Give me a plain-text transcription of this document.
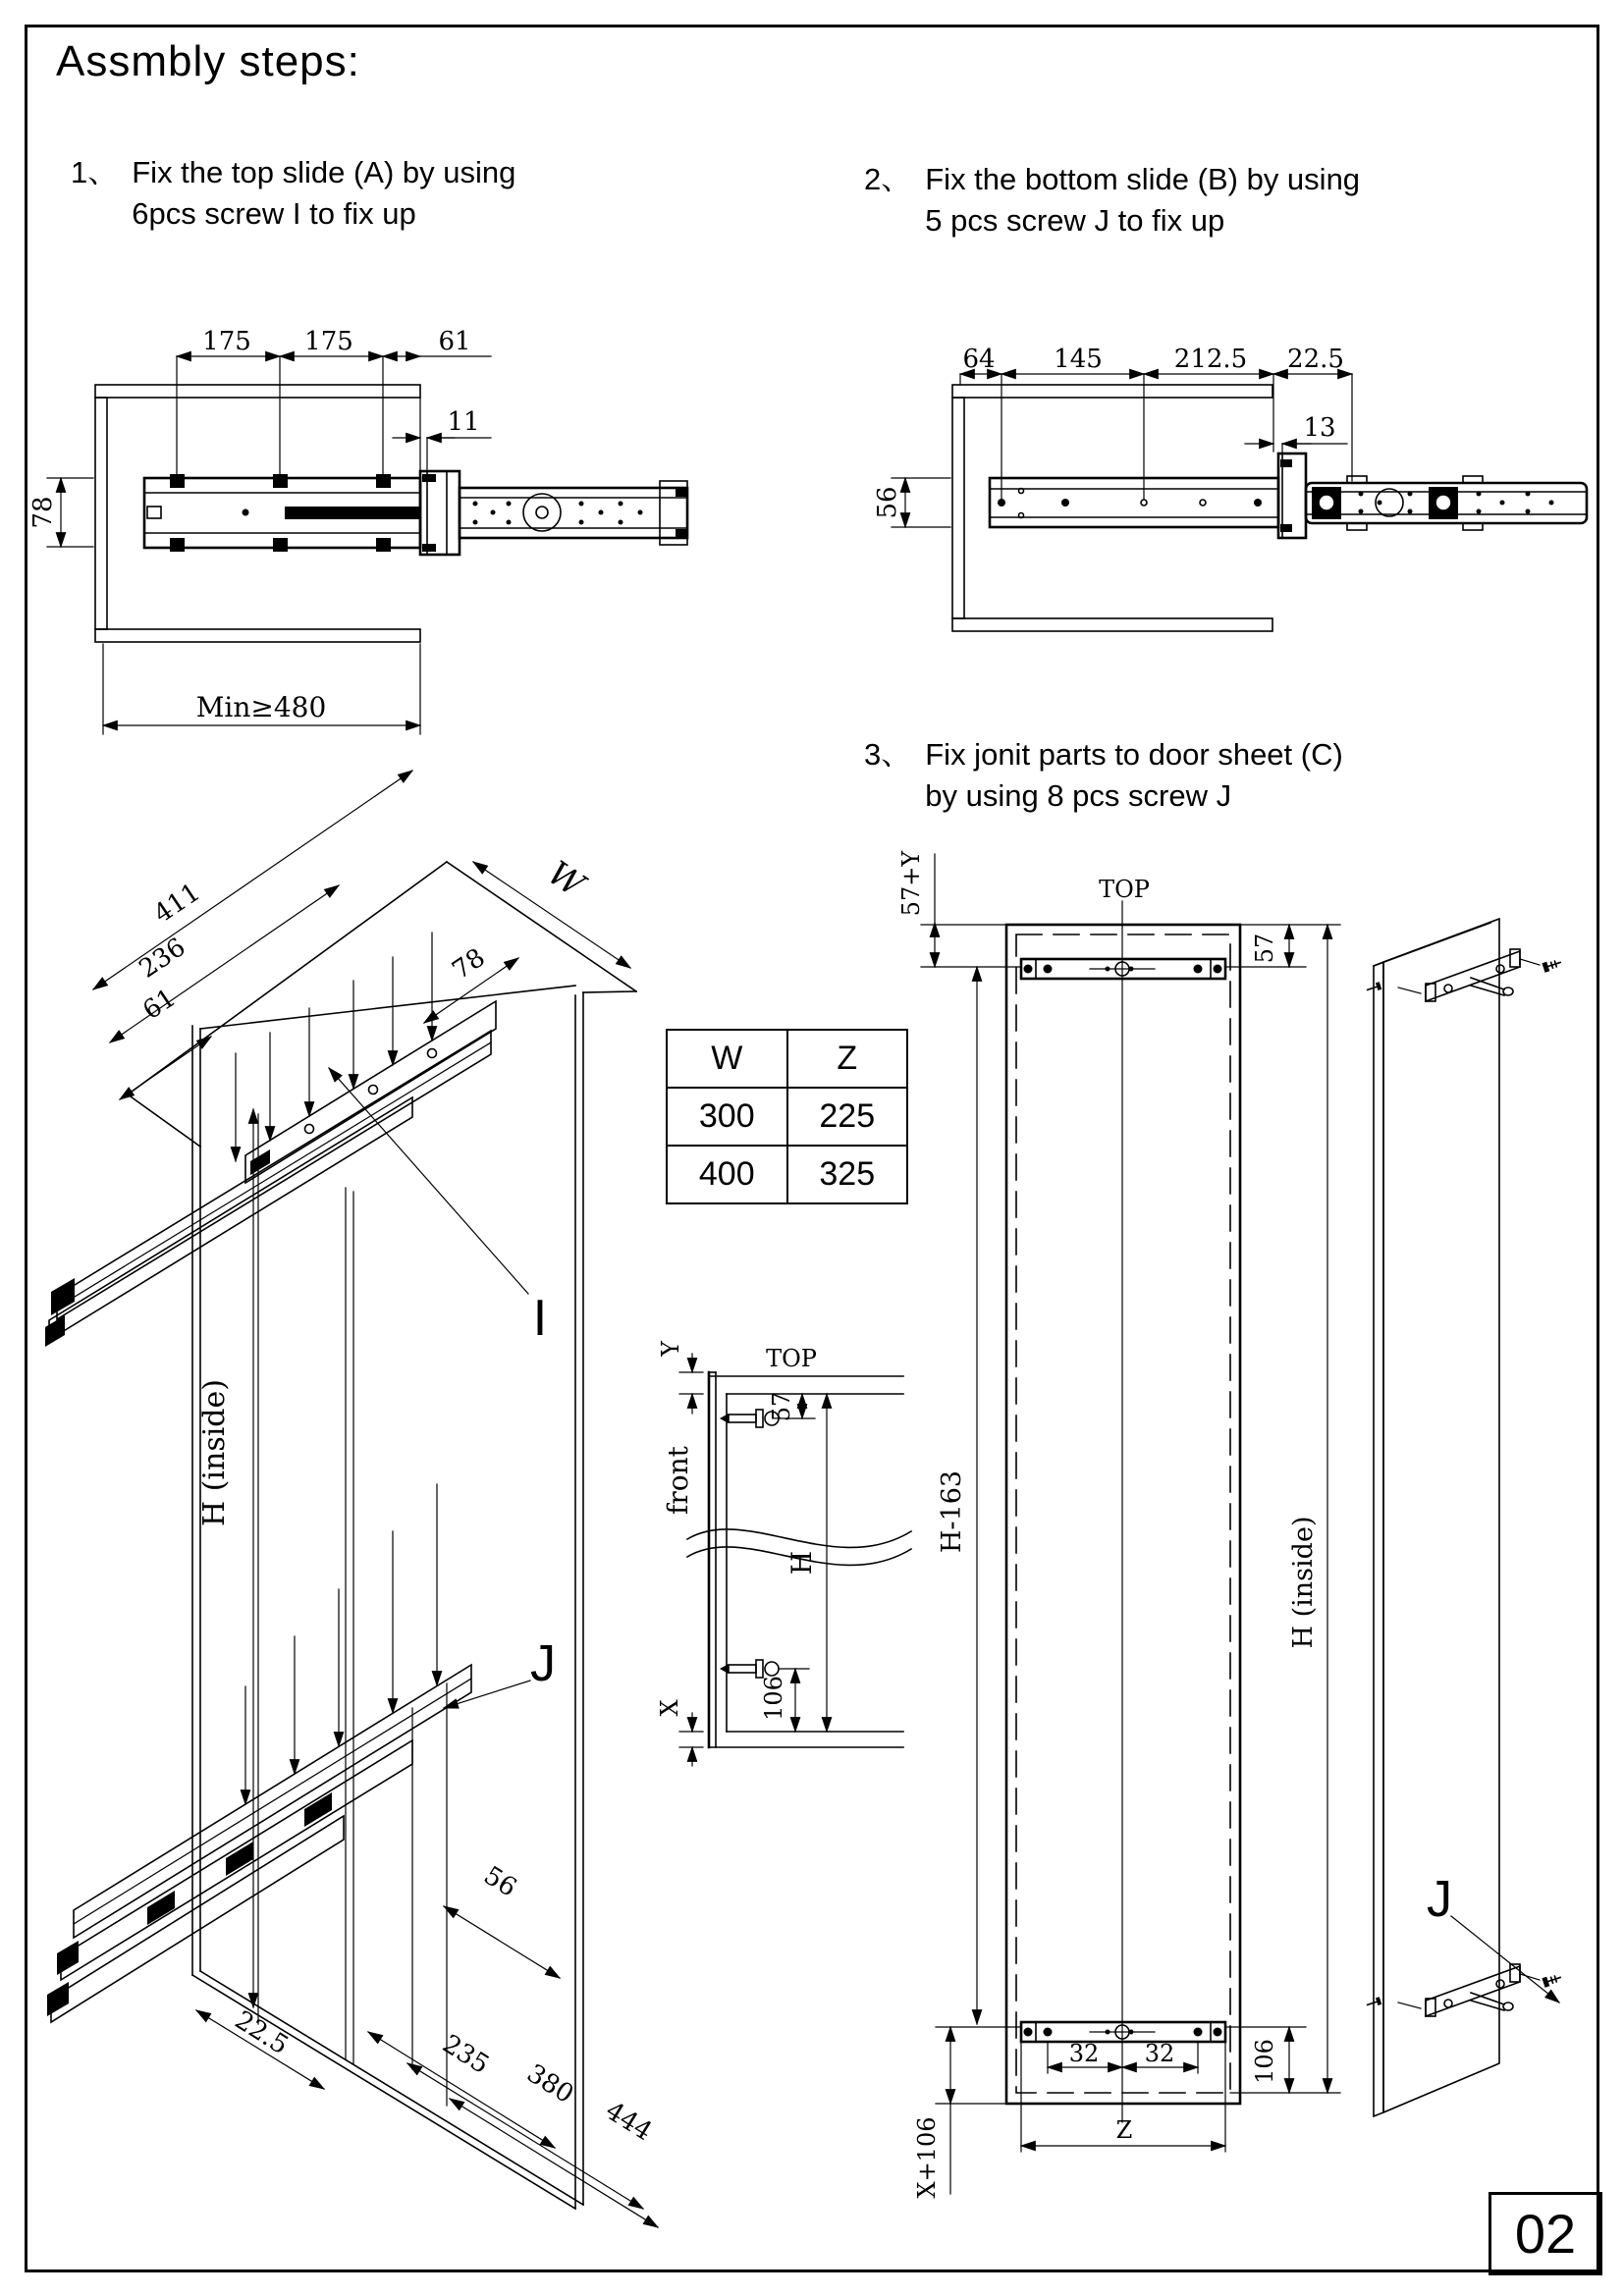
Assmbly steps:
1、 Fix the top slide (A) by using
6pcs screw I to fix up
2、 Fix the bottom slide (B) by using
5 pcs screw J to fix up
3、 Fix jonit parts to door sheet (C)
by using 8 pcs screw J
175 175	61
11
78
Min≥480
64 145	212.5 22.5
13
56
W	Z
300	225
400	325
411
236
61
78
W
H (inside)
56
22.5	235
380
444
I
J
Y	TOP
57
front
H
106
X
TOP
57+Y
57
H-163
H (inside)
32 32	106
X+106	Z
J
02
